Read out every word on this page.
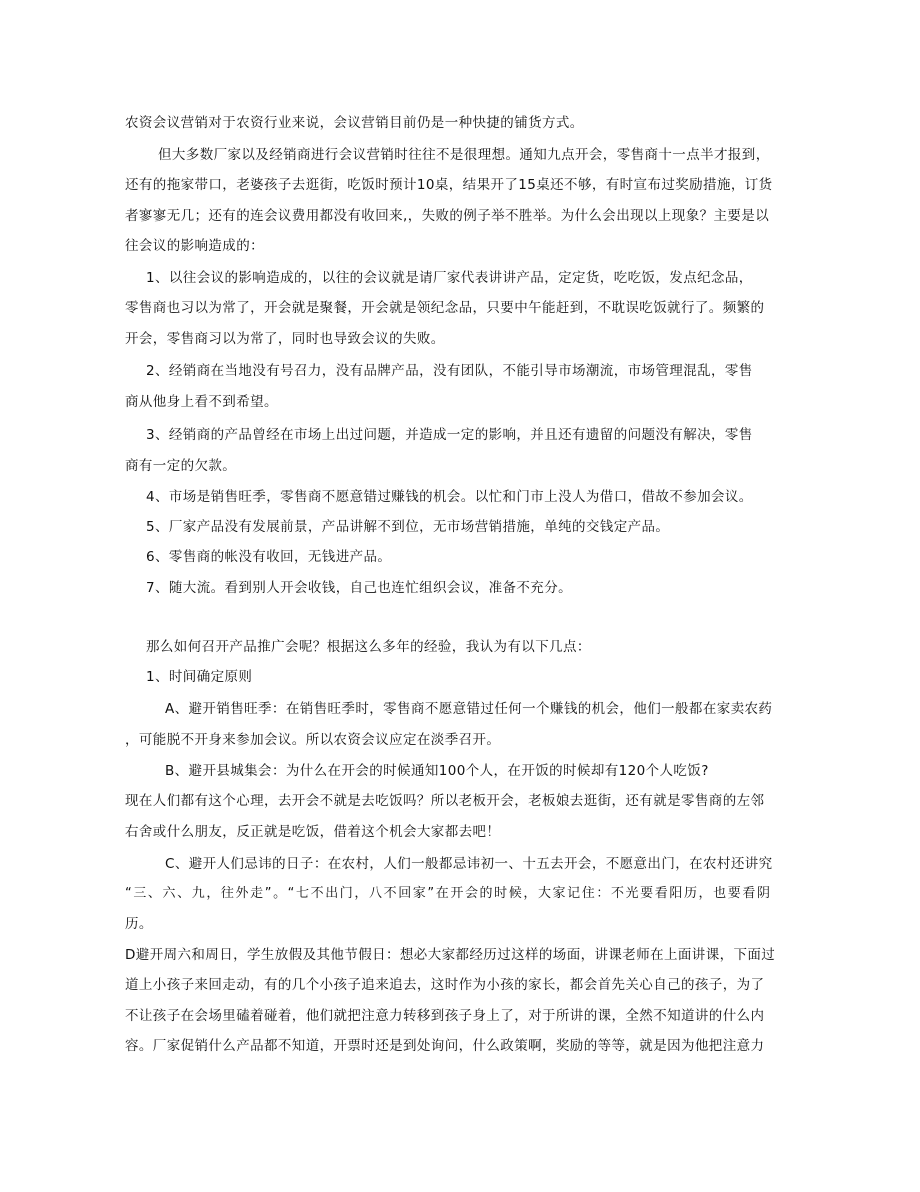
农资会议营销对于农资行业来说，会议营销目前仍是一种快捷的铺货方式。
但大多数厂家以及经销商进行会议营销时往往不是很理想。通知九点开会，零售商十一点半才报到，
还有的拖家带口，老婆孩子去逛街，吃饭时预计10桌，结果开了15桌还不够，有时宣布过奖励措施，订货
者寥寥无几；还有的连会议费用都没有收回来,，失败的例子举不胜举。为什么会出现以上现象？主要是以
往会议的影响造成的：
1、以往会议的影响造成的，以往的会议就是请厂家代表讲讲产品，定定货，吃吃饭，发点纪念品，
零售商也习以为常了，开会就是聚餐，开会就是领纪念品，只要中午能赶到，不耽误吃饭就行了。频繁的
开会，零售商习以为常了，同时也导致会议的失败。
2、经销商在当地没有号召力，没有品牌产品，没有团队，不能引导市场潮流，市场管理混乱，零售
商从他身上看不到希望。
3、经销商的产品曾经在市场上出过问题，并造成一定的影响，并且还有遗留的问题没有解决，零售
商有一定的欠款。
4、市场是销售旺季，零售商不愿意错过赚钱的机会。以忙和门市上没人为借口，借故不参加会议。
5、厂家产品没有发展前景，产品讲解不到位，无市场营销措施，单纯的交钱定产品。
6、零售商的帐没有收回，无钱进产品。
7、随大流。看到别人开会收钱，自己也连忙组织会议，准备不充分。
那么如何召开产品推广会呢？根据这么多年的经验，我认为有以下几点：
1、时间确定原则
A、避开销售旺季：在销售旺季时，零售商不愿意错过任何一个赚钱的机会，他们一般都在家卖农药
，可能脱不开身来参加会议。所以农资会议应定在淡季召开。
B、避开县城集会：为什么在开会的时候通知100个人，在开饭的时候却有120个人吃饭?
现在人们都有这个心理，去开会不就是去吃饭吗？所以老板开会，老板娘去逛街，还有就是零售商的左邻
右舍或什么朋友，反正就是吃饭，借着这个机会大家都去吧！
C、避开人们忌讳的日子：在农村，人们一般都忌讳初一、十五去开会，不愿意出门，在农村还讲究
“三、六、九，往外走”。“七不出门，八不回家”在开会的时候，大家记住：不光要看阳历，也要看阴
历。
D避开周六和周日，学生放假及其他节假日：想必大家都经历过这样的场面，讲课老师在上面讲课，下面过
道上小孩子来回走动，有的几个小孩子追来追去，这时作为小孩的家长，都会首先关心自己的孩子，为了
不让孩子在会场里磕着碰着，他们就把注意力转移到孩子身上了，对于所讲的课，全然不知道讲的什么内
容。厂家促销什么产品都不知道，开票时还是到处询问，什么政策啊，奖励的等等，就是因为他把注意力
